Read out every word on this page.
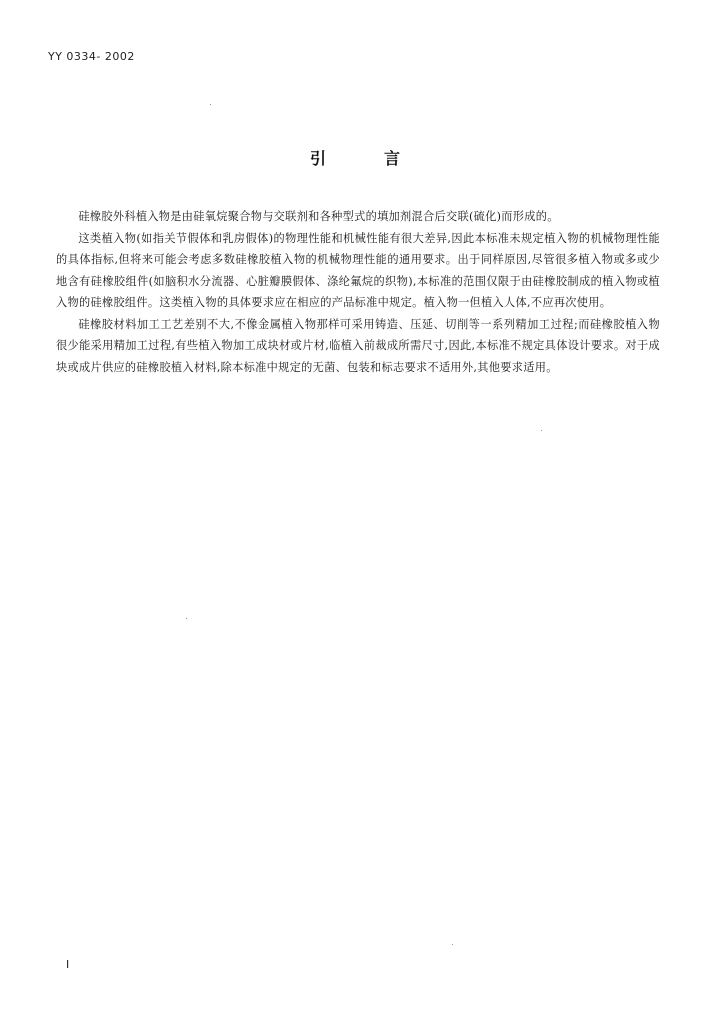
YY 0334- 2002
引言

硅橡胶外科植入物是由硅氧烷聚合物与交联剂和各种型式的填加剂混合后交联(硫化)而形成的。

这类植入物(如指关节假体和乳房假体)的物理性能和机械性能有很大差异,因此本标准未规定植入物的机械物理性能的具体指标,但将来可能会考虑多数硅橡胶植入物的机械物理性能的通用要求。出于同样原因,尽管很多植入物或多或少地含有硅橡胶组件(如脑积水分流器、心脏瓣膜假体、涤纶氟烷的织物),本标准的范围仅限于由硅橡胶制成的植入物或植入物的硅橡胶组件。这类植入物的具体要求应在相应的产品标准中规定。植入物一但植入人体,不应再次使用。

硅橡胶材料加工工艺差别不大,不像金属植入物那样可采用铸造、压延、切削等一系列精加工过程;而硅橡胶植入物很少能采用精加工过程,有些植入物加工成块材或片材,临植入前裁成所需尺寸,因此,本标准不规定具体设计要求。对于成块或成片供应的硅橡胶植入材料,除本标准中规定的无菌、包装和标志要求不适用外,其他要求适用。

I
